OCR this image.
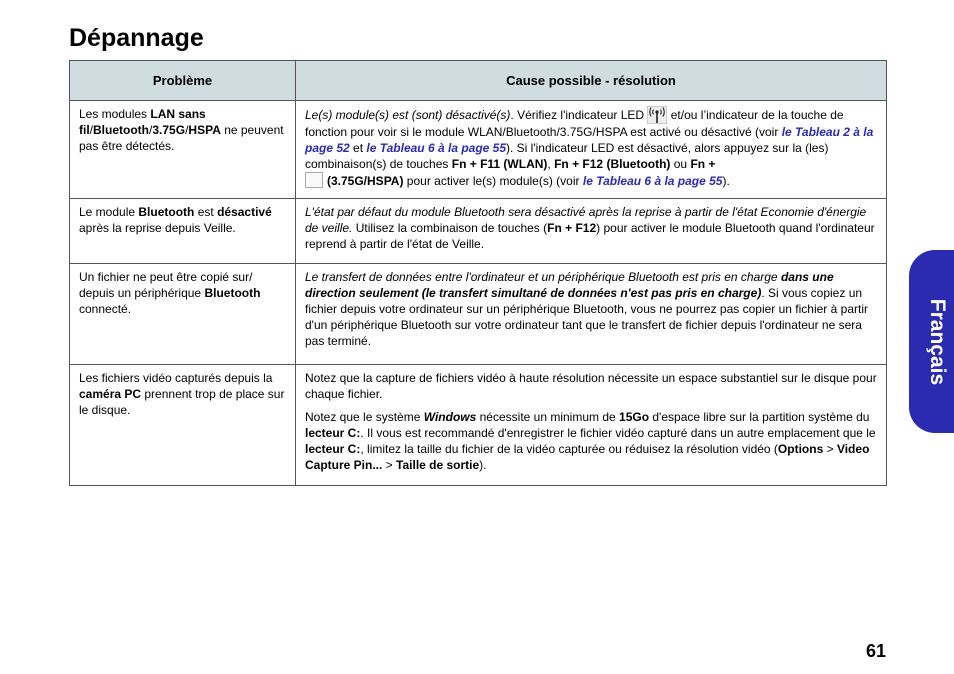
Dépannage
Problème	Cause possible - résolution
Les modules LAN sans fil/Bluetooth/3.75G/HSPA ne peuvent pas être détectés.	Le(s) module(s) est (sont) désactivé(s). Vérifiez l'indicateur LED  et/ou l’indicateur de la touche de fonction pour voir si le module WLAN/Bluetooth/3.75G/HSPA est activé ou désactivé (voir le Tableau 2 à la page 52 et le Tableau 6 à la page 55). Si l'indicateur LED est désactivé, alors appuyez sur la (les) combinaison(s) de touches Fn + F11 (WLAN), Fn + F12 (Bluetooth) ou Fn +
(3.75G/HSPA) pour activer le(s) module(s) (voir le Tableau 6 à la page 55).
Le module Bluetooth est désactivé après la reprise depuis Veille.	L'état par défaut du module Bluetooth sera désactivé après la reprise à partir de l'état Economie d'énergie de veille. Utilisez la combinaison de touches (Fn + F12) pour activer le module Bluetooth quand l'ordinateur reprend à partir de l'état de Veille.
Un fichier ne peut être copié sur/ depuis un périphérique Bluetooth connecté.	Le transfert de données entre l'ordinateur et un périphérique Bluetooth est pris en charge dans une direction seulement (le transfert simultané de données n'est pas pris en charge). Si vous copiez un fichier depuis votre ordinateur sur un périphérique Bluetooth, vous ne pourrez pas copier un fichier à partir d'un périphérique Bluetooth sur votre ordinateur tant que le transfert de fichier depuis l'ordinateur ne sera pas terminé.
Les fichiers vidéo capturés depuis la caméra PC prennent trop de place sur le disque.	Notez que la capture de fichiers vidéo à haute résolution nécessite un espace substantiel sur le disque pour chaque fichier.

Notez que le système Windows nécessite un minimum de 15Go d'espace libre sur la partition système du lecteur C:. Il vous est recommandé d'enregistrer le fichier vidéo capturé dans un autre emplacement que le lecteur C:, limitez la taille du fichier de la vidéo capturée ou réduisez la résolution vidéo (Options > Video Capture Pin... > Taille de sortie).

Français
61
